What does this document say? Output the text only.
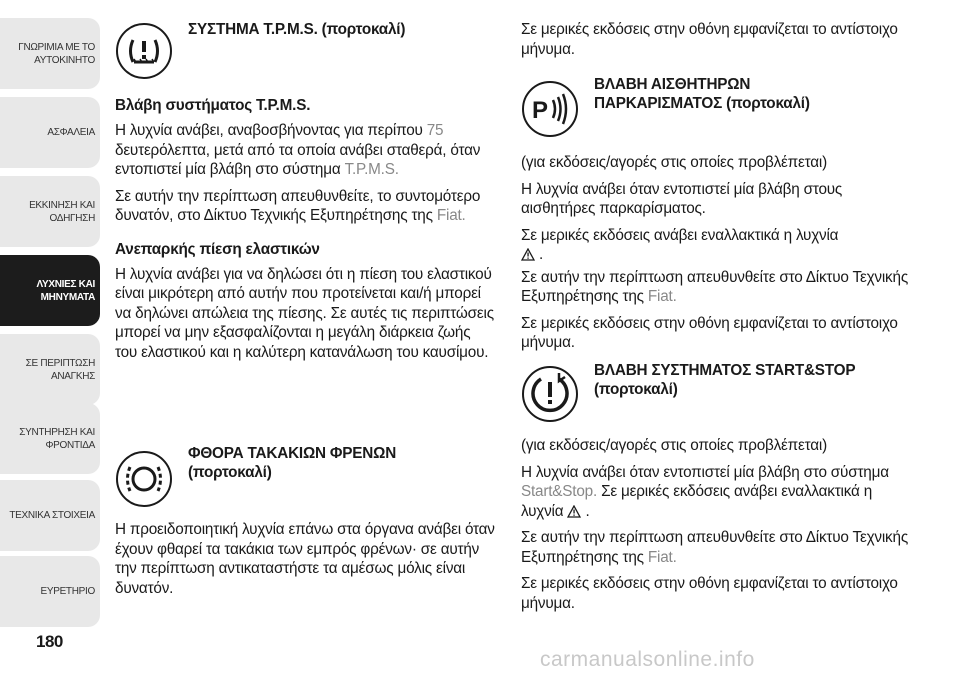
ΓΝΩΡΙΜΙΑ ΜΕ ΤΟ
ΑΥΤΟΚΙΝΗΤΟ
ΑΣΦΑΛΕΙΑ
ΕΚΚΙΝΗΣΗ ΚΑΙ
ΟΔΗΓΗΣΗ
ΛΥΧΝΙΕΣ ΚΑΙ
ΜΗΝΥΜΑΤΑ
ΣΕ ΠΕΡΙΠΤΩΣΗ
ΑΝΑΓΚΗΣ
ΣΥΝΤΗΡΗΣΗ ΚΑΙ
ΦΡΟΝΤΙΔΑ
ΤΕΧΝΙΚΑ ΣΤΟΙΧΕΙΑ
ΕΥΡΕΤΗΡΙΟ
180
ΣΥΣΤΗΜΑ T.P.M.S. (πορτοκαλί)
Βλάβη συστήματος T.P.M.S.

Η λυχνία ανάβει, αναβοσβήνοντας για περίπου 75 δευτερόλεπτα, μετά από τα οποία ανάβει σταθερά, όταν εντοπιστεί μία βλάβη στο σύστημα T.P.M.S.

Σε αυτήν την περίπτωση απευθυνθείτε, το συντομότερο δυνατόν, στο Δίκτυο Τεχνικής Εξυπηρέτησης της Fiat.

Ανεπαρκής πίεση ελαστικών

Η λυχνία ανάβει για να δηλώσει ότι η πίεση του ελαστικού είναι μικρότερη από αυτήν που προτείνεται και/ή μπορεί να δηλώνει απώλεια της πίεσης. Σε αυτές τις περιπτώσεις μπορεί να μην εξασφαλίζονται η μεγάλη διάρκεια ζωής του ελαστικού και η καλύτερη κατανάλωση του καυσίμου.

ΦΘΟΡΑ ΤΑΚΑΚΙΩΝ ΦΡΕΝΩΝ
(πορτοκαλί)

Η προειδοποιητική λυχνία επάνω στα όργανα ανάβει όταν έχουν φθαρεί τα τακάκια των εμπρός φρένων· σε αυτήν την περίπτωση αντικαταστήστε τα αμέσως μόλις είναι δυνατόν.

Σε μερικές εκδόσεις στην οθόνη εμφανίζεται το αντίστοιχο μήνυμα.

P
ΒΛΑΒΗ ΑΙΣΘΗΤΗΡΩΝ
ΠΑΡΚΑΡΙΣΜΑΤΟΣ (πορτοκαλί)

(για εκδόσεις/αγορές στις οποίες προβλέπεται)

Η λυχνία ανάβει όταν εντοπιστεί μία βλάβη στους αισθητήρες παρκαρίσματος.

Σε μερικές εκδόσεις ανάβει εναλλακτικά η λυχνία
.

Σε αυτήν την περίπτωση απευθυνθείτε στο Δίκτυο Τεχνικής Εξυπηρέτησης της Fiat.

Σε μερικές εκδόσεις στην οθόνη εμφανίζεται το αντίστοιχο μήνυμα.

ΒΛΑΒΗ ΣΥΣΤΗΜΑΤΟΣ START&STOP
(πορτοκαλί)

(για εκδόσεις/αγορές στις οποίες προβλέπεται)

Η λυχνία ανάβει όταν εντοπιστεί μία βλάβη στο σύστημα Start&Stop. Σε μερικές εκδόσεις ανάβει εναλλακτικά η λυχνία  .

Σε αυτήν την περίπτωση απευθυνθείτε στο Δίκτυο Τεχνικής Εξυπηρέτησης της Fiat.

Σε μερικές εκδόσεις στην οθόνη εμφανίζεται το αντίστοιχο μήνυμα.

carmanualsonline.info
